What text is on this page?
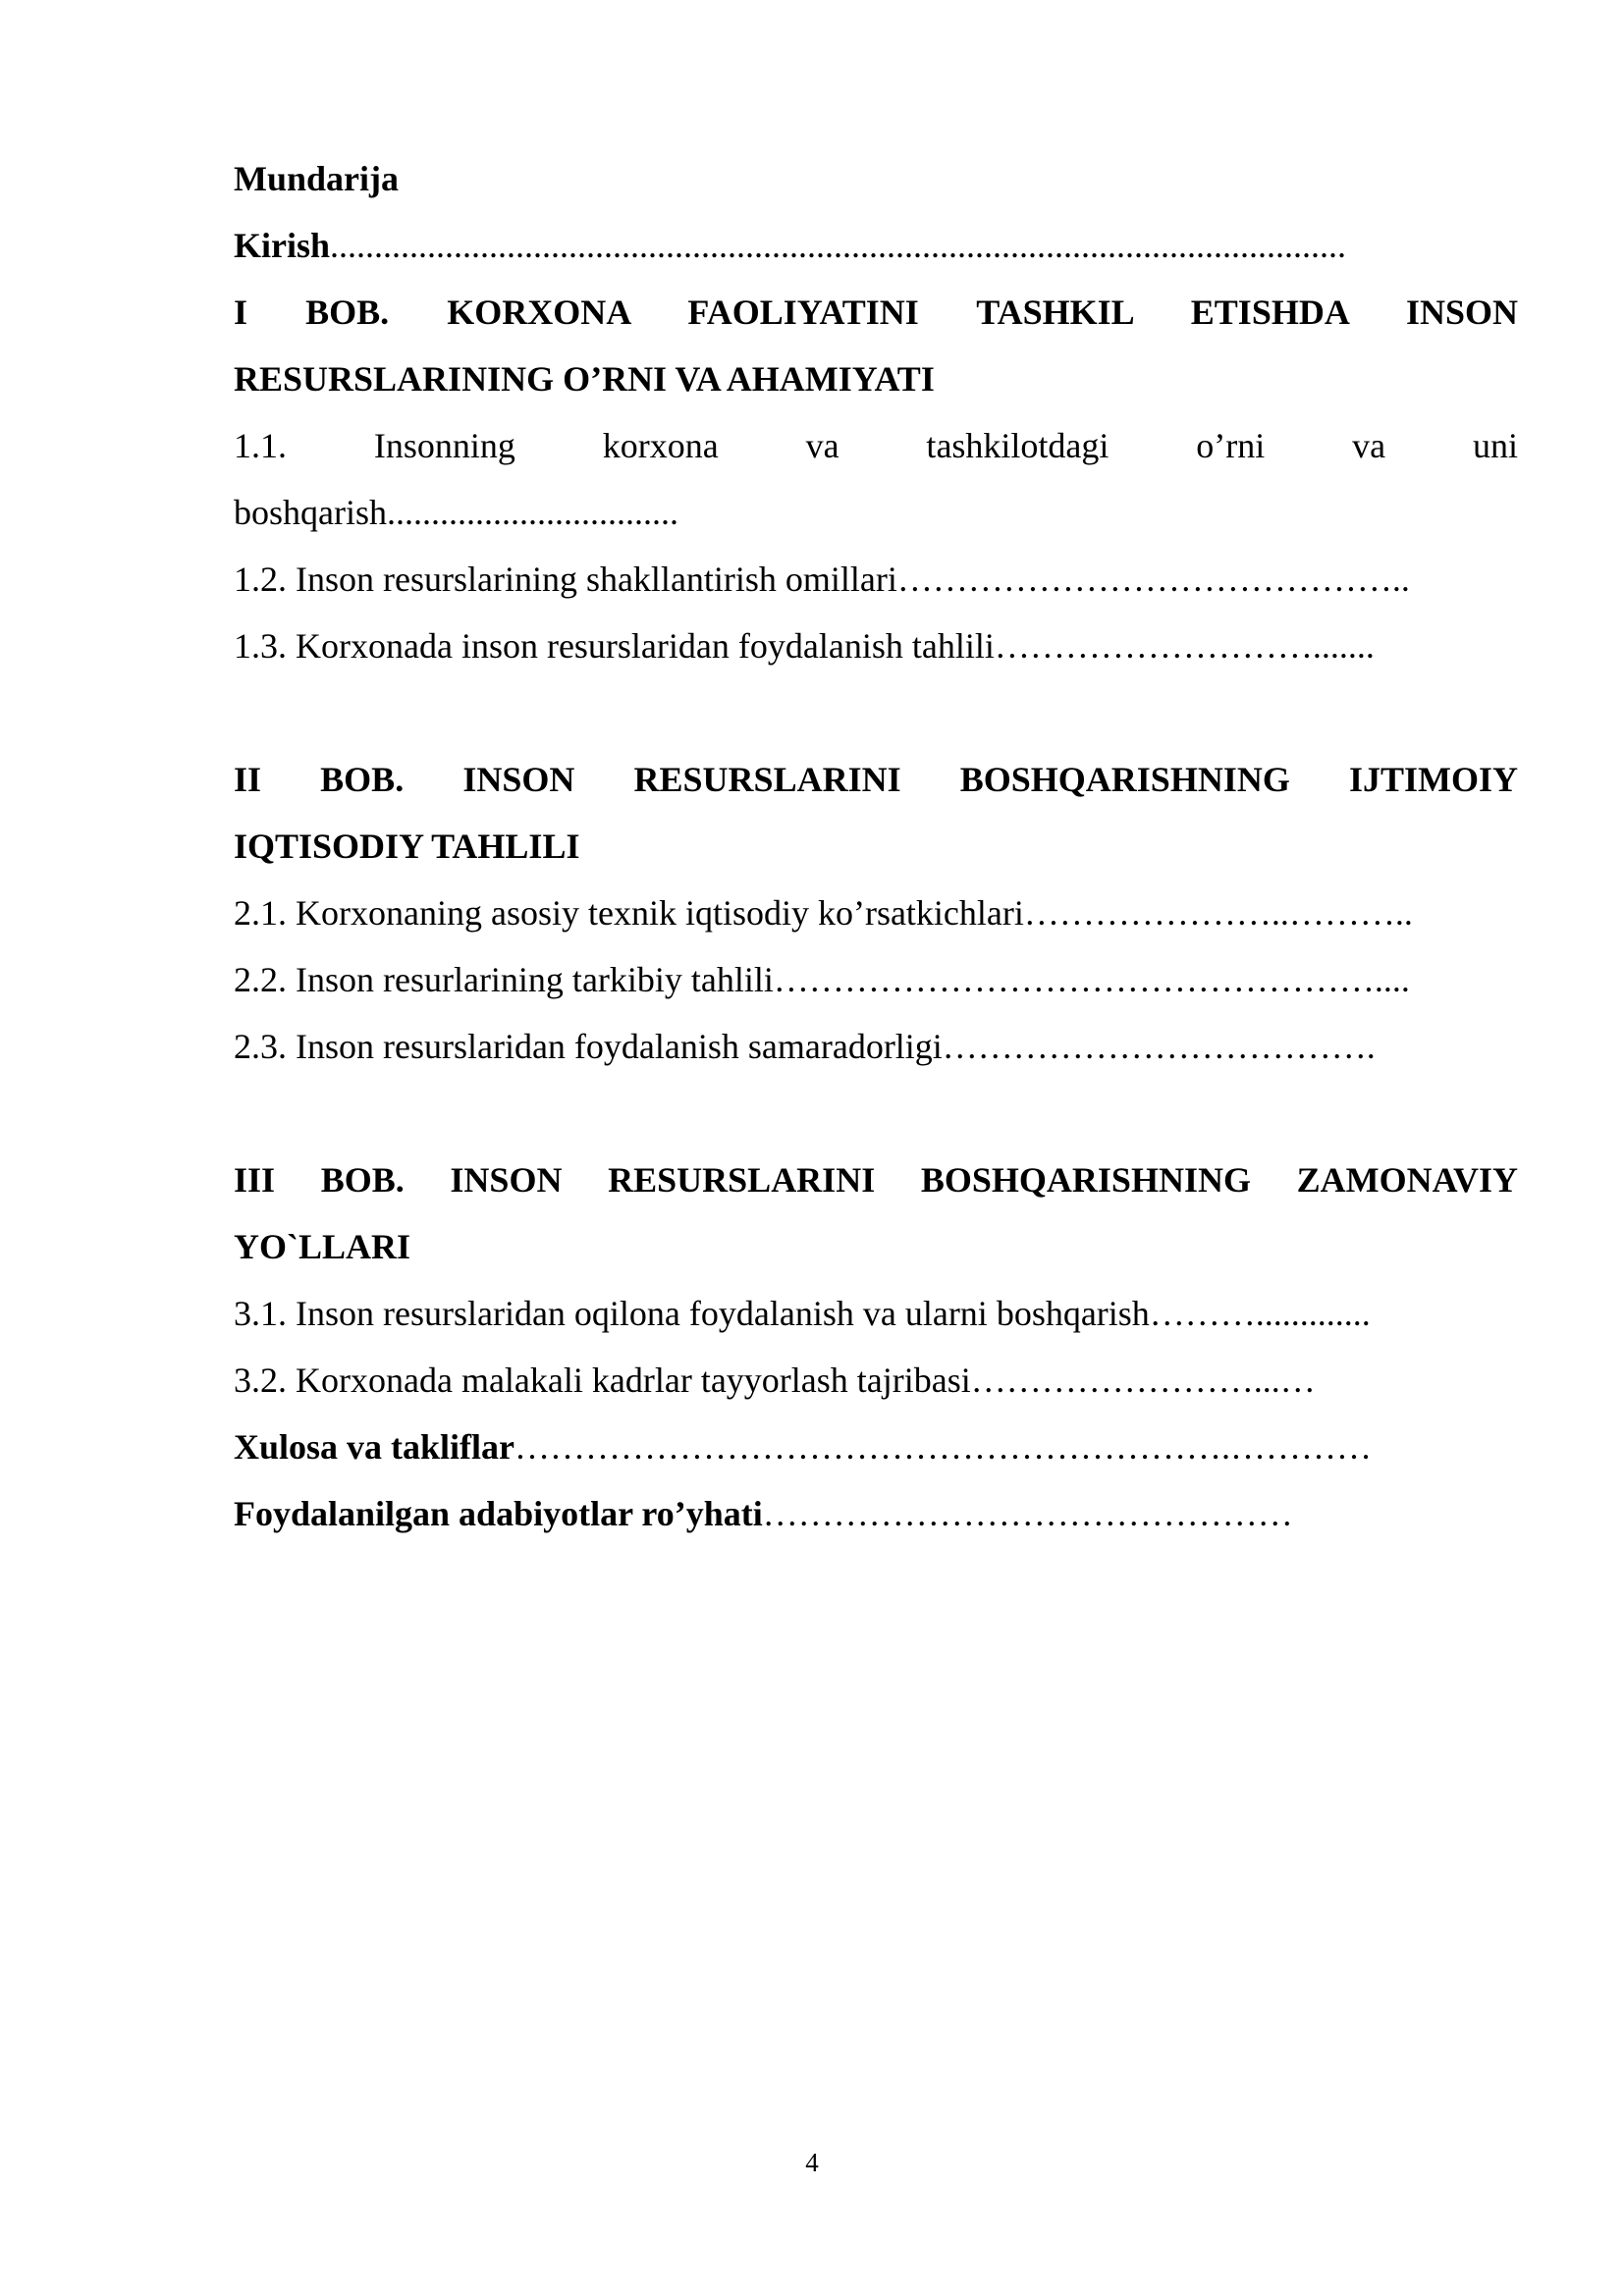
Mundarija
Kirish...................................................................................................................
I BOB. KORXONA FAOLIYATINI TASHKIL ETISHDA INSON
RESURSLARINING O’RNI VA AHAMIYATI
1.1. Insonning korxona va tashkilotdagi o’rni va uni
boshqarish.................................
1.2. Inson resurslarining shakllantirish omillari……………………………………..
1.3. Korxonada inson resurslaridan foydalanish tahlili……………………….......
II BOB. INSON RESURSLARINI BOSHQARISHNING IJTIMOIY
IQTISODIY TAHLILI
2.1. Korxonaning asosiy texnik iqtisodiy ko’rsatkichlari…………………..………..
2.2. Inson resurlarining tarkibiy tahlili……………………………………………....
2.3. Inson resurslaridan foydalanish samaradorligi……………………………….
III BOB. INSON RESURSLARINI BOSHQARISHNING ZAMONAVIY
YO`LLARI
3.1. Inson resurslaridan oqilona foydalanish va ularni boshqarish……….............
3.2. Korxonada malakali kadrlar tayyorlash tajribasi……………………...…
Xulosa va takliflar…………………………………………………….…………
Foydalanilgan adabiyotlar ro’yhati………………………………………
4
